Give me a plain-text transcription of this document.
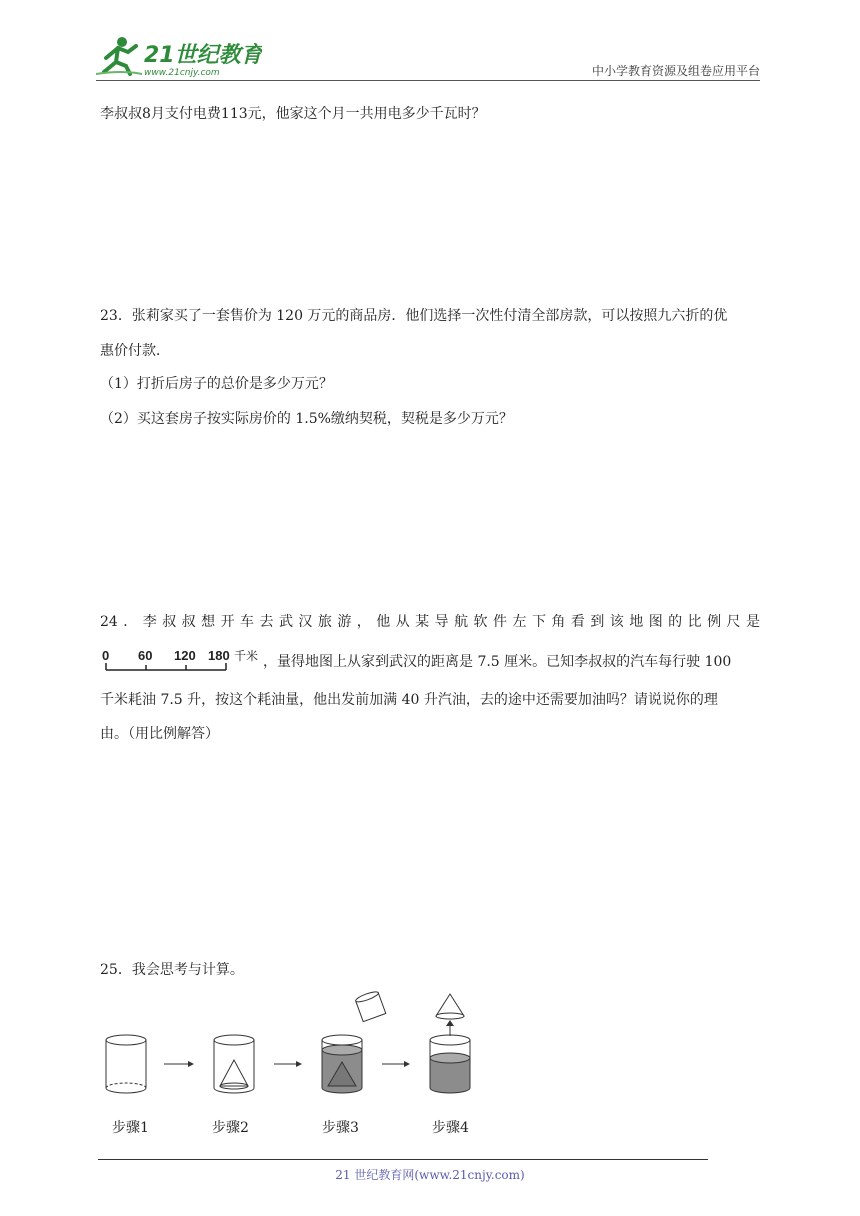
21世纪教育
www.21cnjy.com	中小学教育资源及组卷应用平台
李叔叔8月支付电费113元，他家这个月一共用电多少千瓦时？
23．张莉家买了一套售价为 120 万元的商品房．他们选择一次性付清全部房款，可以按照九六折的优
惠价付款．
（1）打折后房子的总价是多少万元？
（2）买这套房子按实际房价的 1.5%缴纳契税，契税是多少万元？
24．李叔叔想开车去武汉旅游，他从某导航软件左下角看到该地图的比例尺是
0 60 120 180 千米 ，量得地图上从家到武汉的距离是 7.5 厘米。已知李叔叔的汽车每行驶 100
千米耗油 7.5 升，按这个耗油量，他出发前加满 40 升汽油，去的途中还需要加油吗？请说说你的理
由。（用比例解答）
25．我会思考与计算。
步骤1	步骤2	步骤3	步骤4
21 世纪教育网(www.21cnjy.com)
